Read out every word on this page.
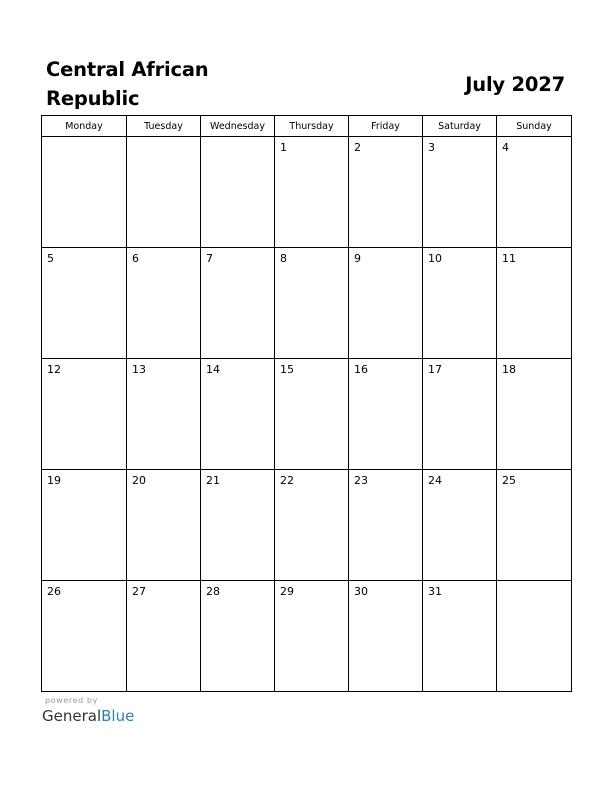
Central African Republic
July 2027
Monday	Tuesday	Wednesday	Thursday	Friday	Saturday	Sunday

			1	2	3	4

5	6	7	8	9	10	11

12	13	14	15	16	17	18

19	20	21	22	23	24	25

26	27	28	29	30	31	

powered by
GeneralBlue
